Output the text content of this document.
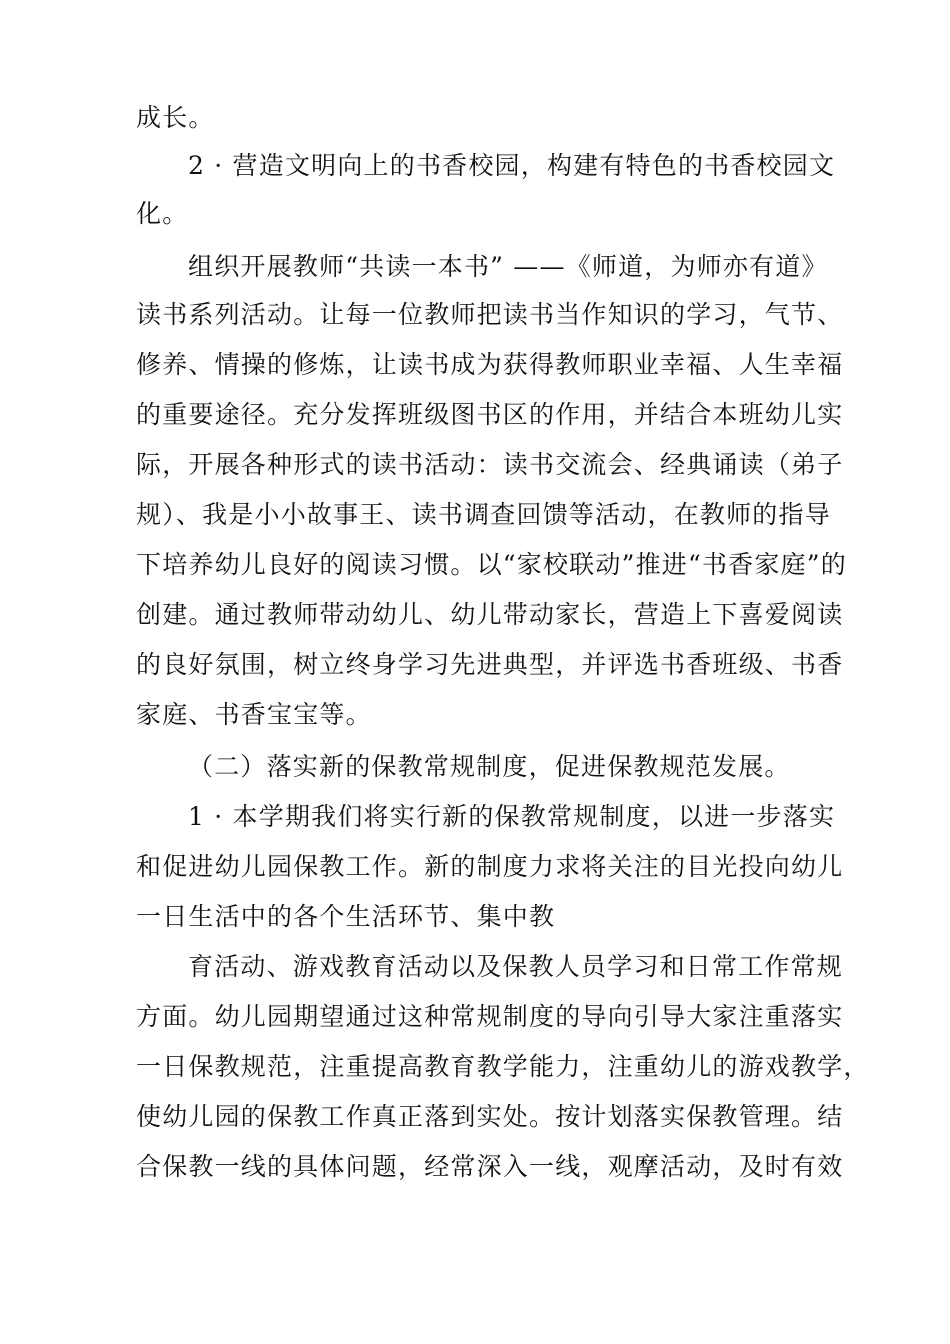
成长。
2 · 营造文明向上的书香校园，构建有特色的书香校园文
化。
组织开展教师“共读一本书” ——《师道，为师亦有道》
读书系列活动。让每一位教师把读书当作知识的学习，气节、
修养、情操的修炼，让读书成为获得教师职业幸福、人生幸福
的重要途径。充分发挥班级图书区的作用，并结合本班幼儿实
际，开展各种形式的读书活动：读书交流会、经典诵读（弟子
规）、我是小小故事王、读书调查回馈等活动，在教师的指导
下培养幼儿良好的阅读习惯。以“家校联动”推进“书香家庭”的
创建。通过教师带动幼儿、幼儿带动家长，营造上下喜爱阅读
的良好氛围，树立终身学习先进典型，并评选书香班级、书香
家庭、书香宝宝等。
（二）落实新的保教常规制度，促进保教规范发展。
1 · 本学期我们将实行新的保教常规制度，以进一步落实
和促进幼儿园保教工作。新的制度力求将关注的目光投向幼儿
一日生活中的各个生活环节、集中教
育活动、游戏教育活动以及保教人员学习和日常工作常规
方面。幼儿园期望通过这种常规制度的导向引导大家注重落实
一日保教规范，注重提高教育教学能力，注重幼儿的游戏教学，
使幼儿园的保教工作真正落到实处。按计划落实保教管理。结
合保教一线的具体问题，经常深入一线，观摩活动，及时有效
